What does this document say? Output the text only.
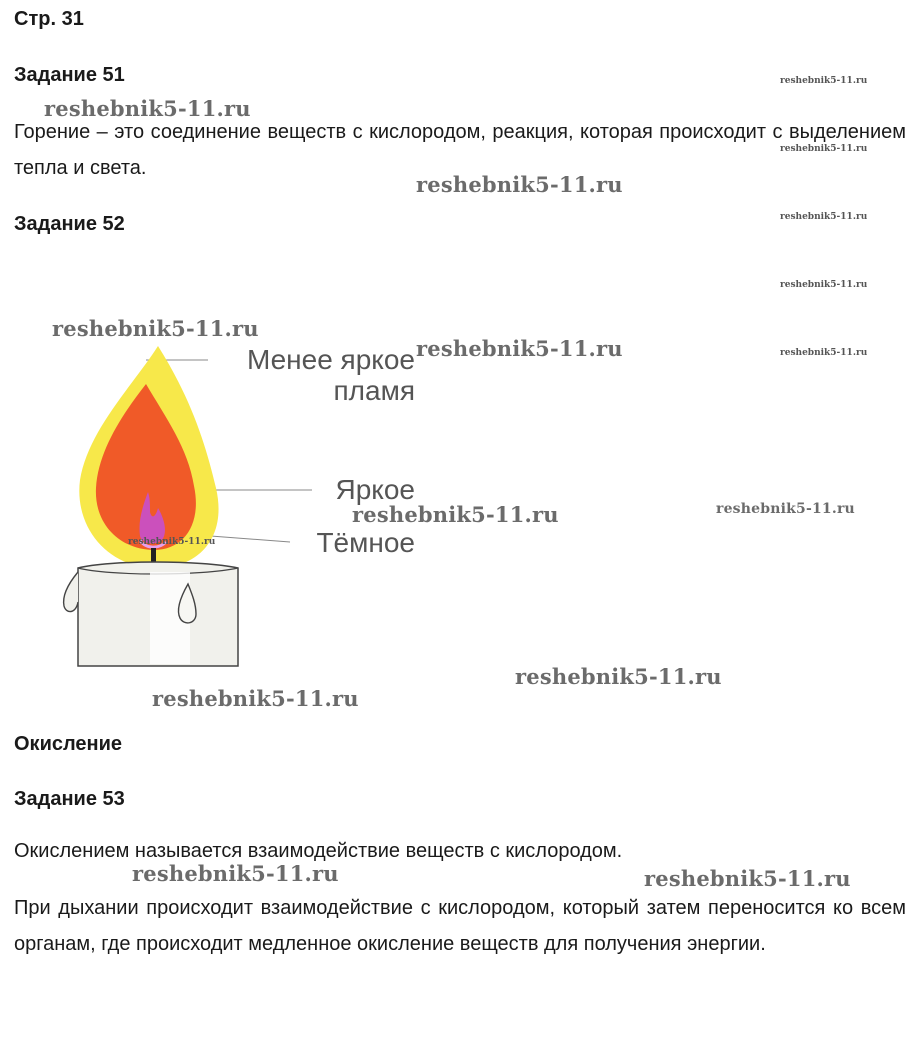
Стр. 31
Задание 51
Горение – это соединение веществ с кислородом, реакция, которая происходит с выделением тепла и света.
Задание 52
Менее яркое
пламя
Яркое
Тёмное
Окисление
Задание 53
Окислением называется взаимодействие веществ с кислородом.
При дыхании происходит взаимодействие с кислородом, который затем переносится ко всем органам, где происходит медленное окисление веществ для получения энергии.
reshebnik5-11.ru
reshebnik5-11.ru
reshebnik5-11.ru
reshebnik5-11.ru
reshebnik5-11.ru
reshebnik5-11.ru
reshebnik5-11.ru
reshebnik5-11.ru	reshebnik5-11.ru
reshebnik5-11.ru
reshebnik5-11.ru
reshebnik5-11.ru
reshebnik5-11.ru
reshebnik5-11.ru
reshebnik5-11.ru
reshebnik5-11.ru
